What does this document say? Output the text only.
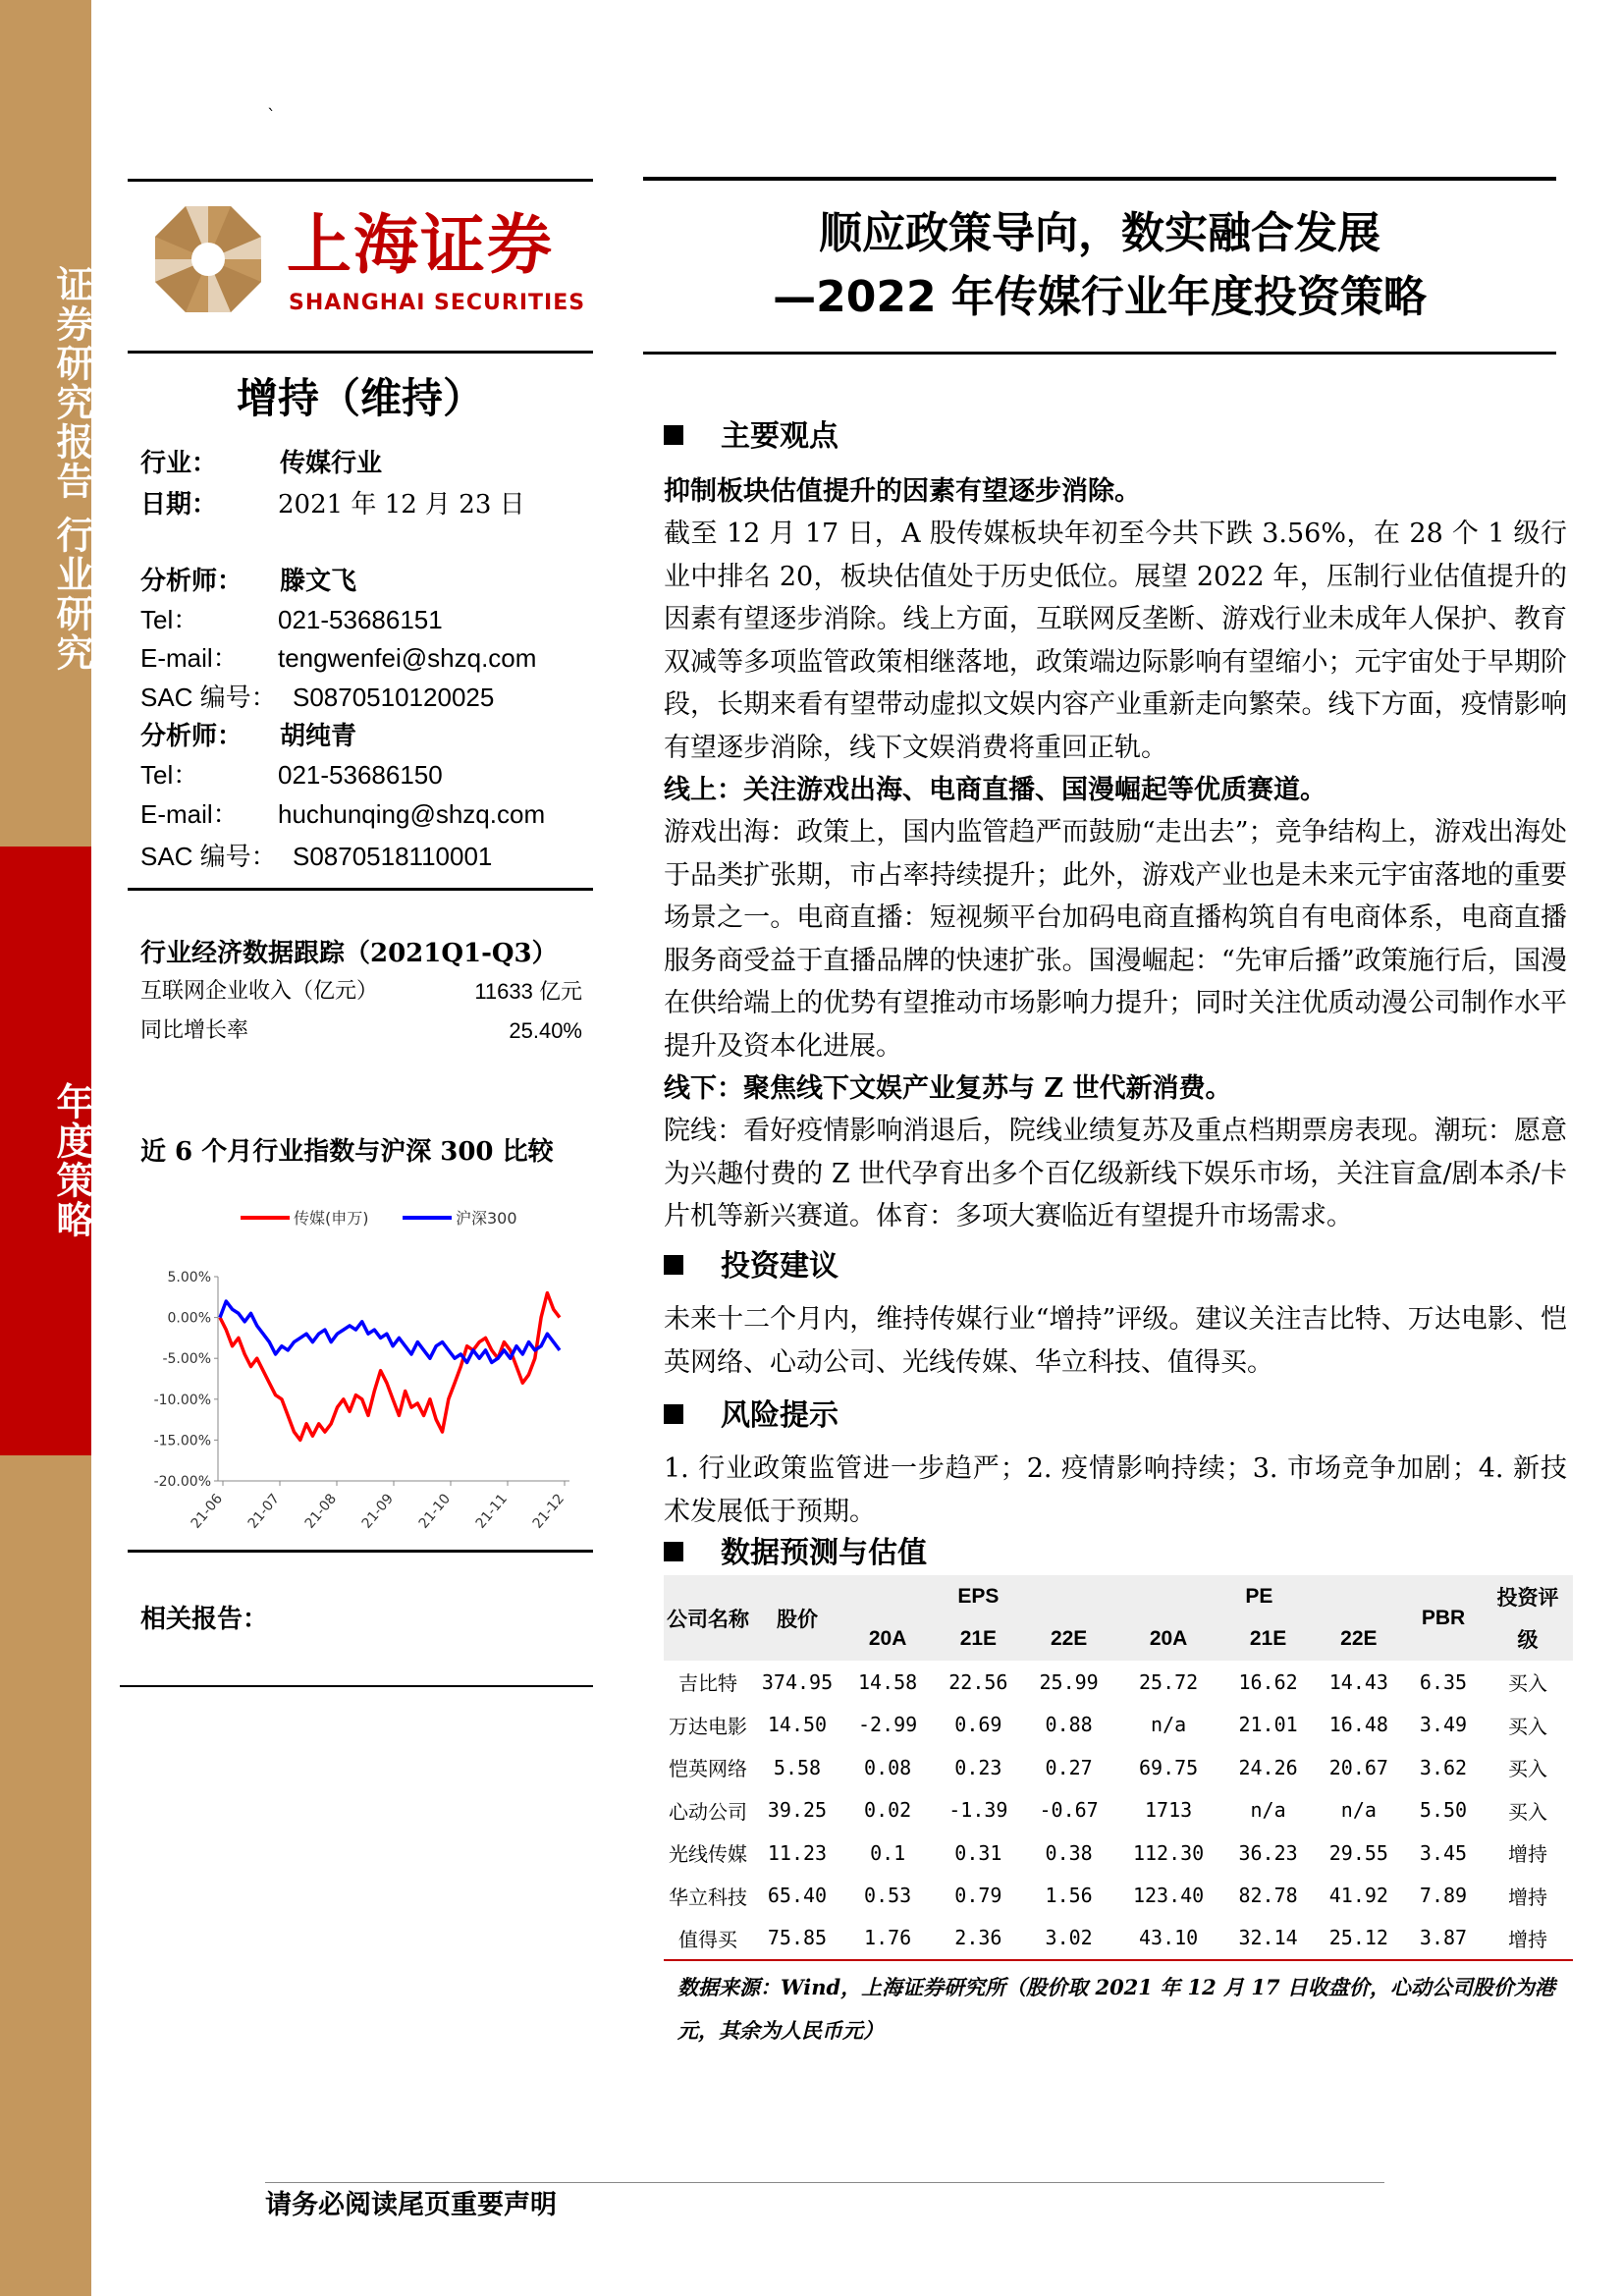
证券研究报告 行业研究
年度策略
`
上海证券
SHANGHAI SECURITIES
顺应政策导向，数实融合发展
—2022 年传媒行业年度投资策略
增持（维持）
行业： 传媒行业
日期： 2021 年 12 月 23 日
分析师： 滕文飞
Tel：	021-53686151
E-mail： tengwenfei@shzq.com
SAC 编号： S0870510120025
分析师： 胡纯青
Tel：	021-53686150
E-mail： huchunqing@shzq.com
SAC 编号： S0870518110001
行业经济数据跟踪（2021Q1-Q3）
互联网企业收入（亿元）	11633 亿元
同比增长率	25.40%
近 6 个月行业指数与沪深 300 比较
传媒(申万)	沪深300
5.00%
0.00%
-5.00%
-10.00%
-15.00%
-20.00%
21-06 21-07 21-08 21-09 21-10 21-11 21-12
相关报告：
主要观点
抑制板块估值提升的因素有望逐步消除。
截至 12 月 17 日，A 股传媒板块年初至今共下跌 3.56%，在 28 个 1 级行业中排名 20，板块估值处于历史低位。展望 2022 年，压制行业估值提升的因素有望逐步消除。线上方面，互联网反垄断、游戏行业未成年人保护、教育双减等多项监管政策相继落地，政策端边际影响有望缩小；元宇宙处于早期阶段，长期来看有望带动虚拟文娱内容产业重新走向繁荣。线下方面，疫情影响有望逐步消除，线下文娱消费将重回正轨。
线上：关注游戏出海、电商直播、国漫崛起等优质赛道。
游戏出海：政策上，国内监管趋严而鼓励“走出去”；竞争结构上，游戏出海处于品类扩张期，市占率持续提升；此外，游戏产业也是未来元宇宙落地的重要场景之一。电商直播：短视频平台加码电商直播构筑自有电商体系，电商直播服务商受益于直播品牌的快速扩张。国漫崛起：“先审后播”政策施行后，国漫在供给端上的优势有望推动市场影响力提升；同时关注优质动漫公司制作水平提升及资本化进展。
线下：聚焦线下文娱产业复苏与 Z 世代新消费。
院线：看好疫情影响消退后，院线业绩复苏及重点档期票房表现。潮玩：愿意为兴趣付费的 Z 世代孕育出多个百亿级新线下娱乐市场，关注盲盒/剧本杀/卡片机等新兴赛道。体育：多项大赛临近有望提升市场需求。
投资建议
未来十二个月内，维持传媒行业“增持”评级。建议关注吉比特、万达电影、恺英网络、心动公司、光线传媒、华立科技、值得买。
风险提示
1. 行业政策监管进一步趋严；2. 疫情影响持续；3. 市场竞争加剧；4. 新技术发展低于预期。
数据预测与估值
公司名称	股价	EPS			PE			PBR	投资评
		20A	21E	22E	20A	21E	22E		级
吉比特	374.95	14.58	22.56	25.99	25.72	16.62	14.43	6.35	买入
万达电影	14.50	-2.99	0.69	0.88	n/a	21.01	16.48	3.49	买入
恺英网络	5.58	0.08	0.23	0.27	69.75	24.26	20.67	3.62	买入
心动公司	39.25	0.02	-1.39	-0.67	1713	n/a	n/a	5.50	买入
光线传媒	11.23	0.1	0.31	0.38	112.30	36.23	29.55	3.45	增持
华立科技	65.40	0.53	0.79	1.56	123.40	82.78	41.92	7.89	增持
值得买	75.85	1.76	2.36	3.02	43.10	32.14	25.12	3.87	增持
数据来源：Wind，上海证券研究所（股价取 2021 年 12 月 17 日收盘价，心动公司股价为港元，其余为人民币元）
请务必阅读尾页重要声明
